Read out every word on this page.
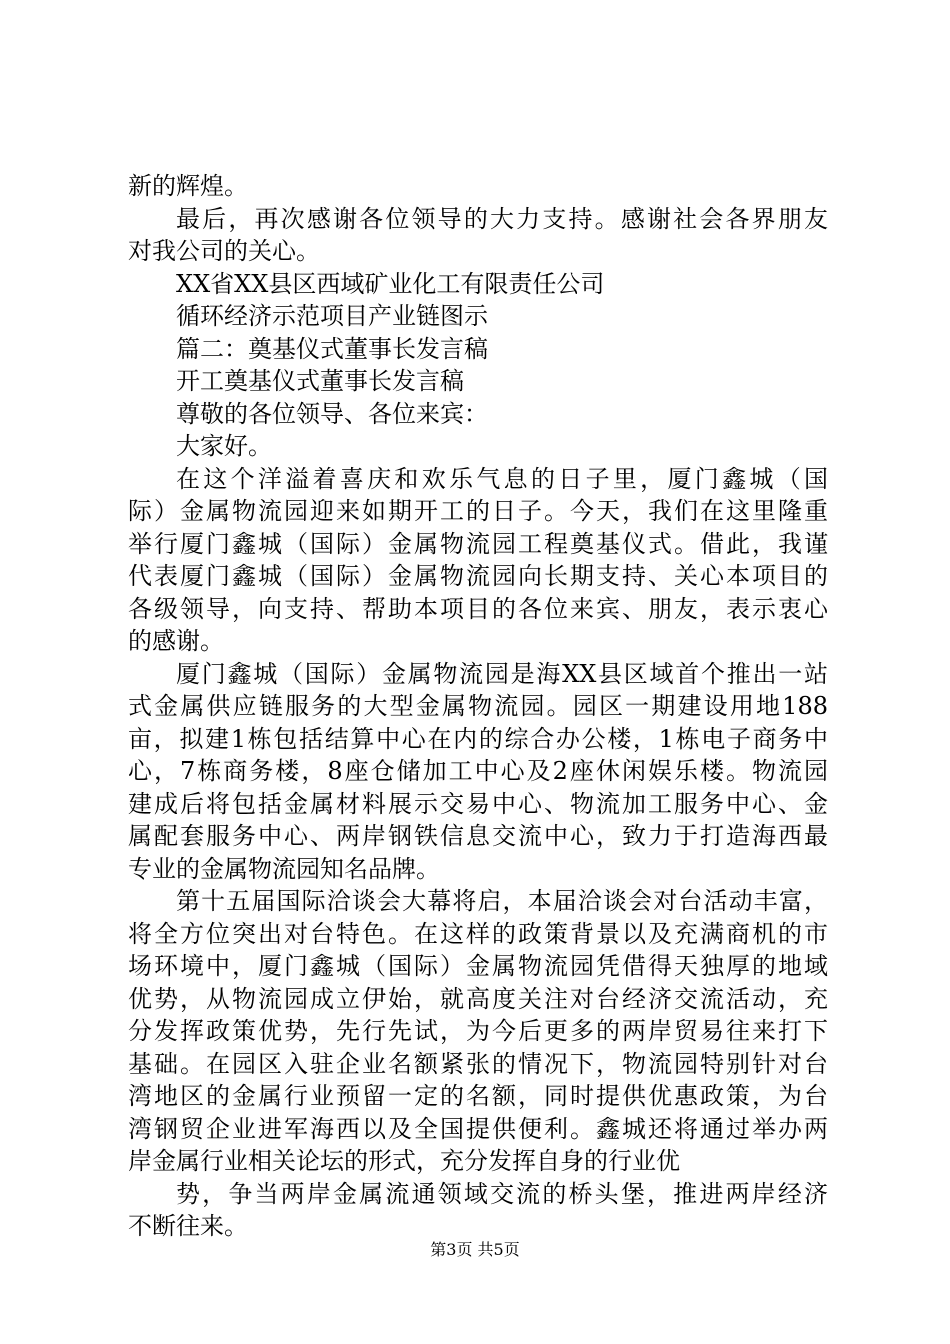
新的辉煌。
最后，再次感谢各位领导的大力支持。感谢社会各界朋友
对我公司的关心。
XX省XX县区西域矿业化工有限责任公司
循环经济示范项目产业链图示
篇二：奠基仪式董事长发言稿
开工奠基仪式董事长发言稿
尊敬的各位领导、各位来宾：
大家好。
在这个洋溢着喜庆和欢乐气息的日子里，厦门鑫城（国
际）金属物流园迎来如期开工的日子。今天，我们在这里隆重
举行厦门鑫城（国际）金属物流园工程奠基仪式。借此，我谨
代表厦门鑫城（国际）金属物流园向长期支持、关心本项目的
各级领导，向支持、帮助本项目的各位来宾、朋友，表示衷心
的感谢。
厦门鑫城（国际）金属物流园是海XX县区域首个推出一站
式金属供应链服务的大型金属物流园。园区一期建设用地188
亩，拟建1栋包括结算中心在内的综合办公楼，1栋电子商务中
心，7栋商务楼，8座仓储加工中心及2座休闲娱乐楼。物流园
建成后将包括金属材料展示交易中心、物流加工服务中心、金
属配套服务中心、两岸钢铁信息交流中心，致力于打造海西最
专业的金属物流园知名品牌。
第十五届国际洽谈会大幕将启，本届洽谈会对台活动丰富，
将全方位突出对台特色。在这样的政策背景以及充满商机的市
场环境中，厦门鑫城（国际）金属物流园凭借得天独厚的地域
优势，从物流园成立伊始，就高度关注对台经济交流活动，充
分发挥政策优势，先行先试，为今后更多的两岸贸易往来打下
基础。在园区入驻企业名额紧张的情况下，物流园特别针对台
湾地区的金属行业预留一定的名额，同时提供优惠政策，为台
湾钢贸企业进军海西以及全国提供便利。鑫城还将通过举办两
岸金属行业相关论坛的形式，充分发挥自身的行业优
势，争当两岸金属流通领域交流的桥头堡，推进两岸经济
不断往来。
第3页 共5页
